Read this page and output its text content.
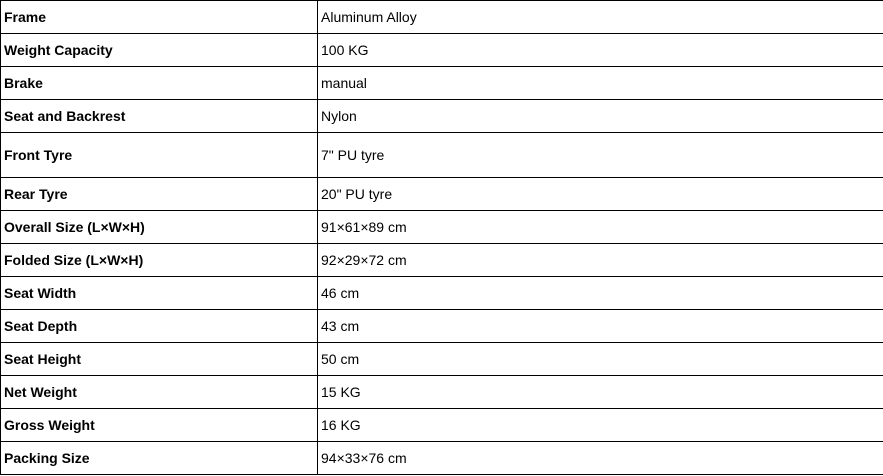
Frame	Aluminum Alloy
Weight Capacity	100 KG
Brake	manual
Seat and Backrest	Nylon
Front Tyre	7" PU tyre
Rear Tyre	20" PU tyre
Overall Size (L×W×H)	91×61×89 cm
Folded Size (L×W×H)	92×29×72 cm
Seat Width	46 cm
Seat Depth	43 cm
Seat Height	50 cm
Net Weight	15 KG
Gross Weight	16 KG
Packing Size	94×33×76 cm
